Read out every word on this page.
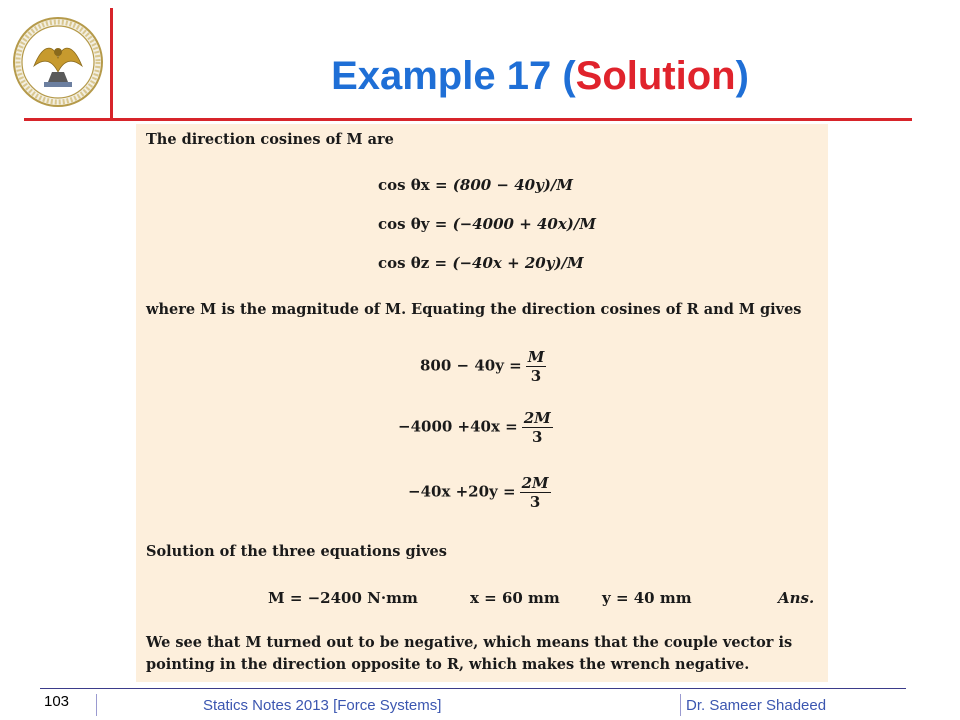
Example 17 (Solution)
The direction cosines of M are
cos θx = (800 − 40y)/M
cos θy = (−4000 + 40x)/M
cos θz = (−40x + 20y)/M
where M is the magnitude of M. Equating the direction cosines of R and M gives
$800 - 40y = \frac{M}{3}$
$-4000 +40x = \frac{2M}{3}$
$-40x +20y = \frac{2M}{3}$
Solution of the three equations gives
M = −2400 N·mm	x = 60 mm	y = 40 mm	Ans.
We see that M turned out to be negative, which means that the couple vector is
pointing in the direction opposite to R, which makes the wrench negative.
103	Statics Notes 2013 [Force Systems]	Dr. Sameer Shadeed
